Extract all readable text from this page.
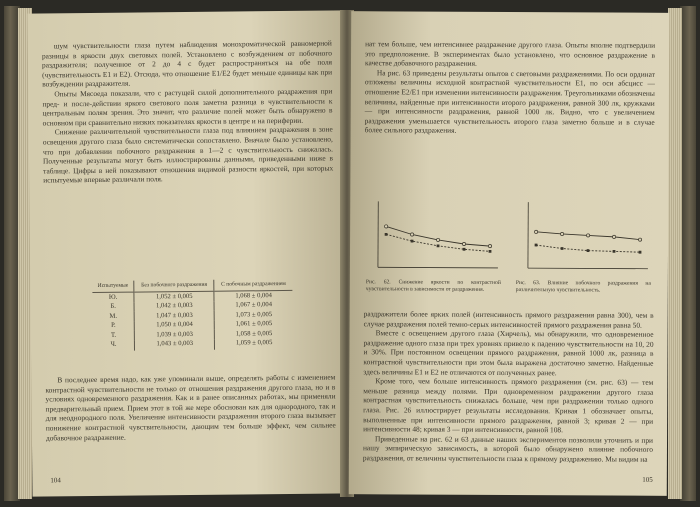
шум чувствительности глаза путем наблюдения монохроматической равномерной разницы в яркости двух световых полей. Установлено с возбуждением от побочного раздражителя; полученное от 2 до 4 с будет распространяться на обе поля (чувствительность Е1 и Е2). Отсюда, что отношение Е1/Е2 будет меньше единицы как при возбуждении раздражителя.

Опыты Мясоеда показали, что с растущей силой дополнительного раздражения при пред- и после-действии яркого светового поля заметна разница в чувствительности к центральным полям зрения. Это значит, что различие полей может быть обнаружено в основном при сравнительно низких показателях яркости в центре и на периферии.

Снижение различительной чувствительности глаза под влиянием раздражения в зоне освещения другого глаза было систематически сопоставлено. Вначале было установлено, что при добавлении побочного раздражения в 1—2 с чувствительность снижалась. Полученные результаты могут быть иллюстрированы данными, приведенными ниже в таблице. Цифры в ней показывают отношения видимой разности яркостей, при которых испытуемые впервые различали поля.

Испытуемые	Без побочного раздражения	С побочным раздражением
Ю.	1,052 ± 0,005	1,068 ± 0,004
Б.	1,042 ± 0,003	1,067 ± 0,004
М.	1,047 ± 0,003	1,073 ± 0,005
Р.	1,050 ± 0,004	1,061 ± 0,005
Т.	1,039 ± 0,003	1,058 ± 0,005
Ч.	1,043 ± 0,003	1,059 ± 0,005

В последнее время надо, как уже упоминали выше, определять работы с изменением контрастной чувствительности не только от отношения раздражения другого глаза, но и в условиях одновременного раздражения. Как и в ранее описанных работах, мы применяли предварительный прием. Прием этот в той же мере обоснован как для однородного, так и для неоднородного поля. Увеличение интенсивности раздражения второго глаза вызывает понижение контрастной чувствительности, дающим тем больше эффект, чем сильнее добавочное раздражение.

104

нат тем больше, чем интенсивнее раздражение другого глаза. Опыты вполне подтвердили это предположение. В экспериментах было установлено, что основное раздражение в качестве добавочного раздражения.

На рис. 63 приведены результаты опытов с световыми раздражениями. По оси ординат отложены величины исходной контрастной чувствительности Е1, по оси абсцисс — отношение Е2/Е1 при изменении интенсивности раздражения. Треугольниками обозначены величины, найденные при интенсивности второго раздражения, равной 300 лк, кружками — при интенсивности раздражения, равной 1000 лк. Видно, что с увеличением раздражения уменьшается чувствительность второго глаза заметно больше и в случае более сильного раздражения.

Рис. 62. Снижение яркости по контрастной чувствительности в зависимости от раздражения.
Рис. 63. Влияние побочного раздражения на различительную чувствительность.

раздражители более ярких полей (интенсивность прямого раздражения равна 300), чем в случае раздражения полей темно-серых интенсивностей прямого раздражения равна 50.

Вместе с освещением другого глаза (Хирчель), мы обнаружили, что одновременное раздражение одного глаза при трех уровнях привело к падению чувствительности на 10, 20 и 30%. При постоянном освещении прямого раздражения, равной 1000 лк, разница в контрастной чувствительности при этом была выражена достаточно заметно. Найденные здесь величины Е1 и Е2 не отличаются от полученных ранее.

Кроме того, чем больше интенсивность прямого раздражения (см. рис. 63) — тем меньше разница между полями. При одновременном раздражении другого глаза контрастная чувствительность снижалась больше, чем при раздражении только одного глаза. Рис. 26 иллюстрирует результаты исследования. Кривая 1 обозначает опыты, выполненные при интенсивности прямого раздражения, равной 3; кривая 2 — при интенсивности 48; кривая 3 — при интенсивности, равной 108.

Приведенные на рис. 62 и 63 данные наших экспериментов позволили уточнить и при нашу эмпирическую зависимость, в которой было обнаружено влияние побочного раздражения, от величины чувствительности глаза к прямому раздражению. Мы видим на

105
